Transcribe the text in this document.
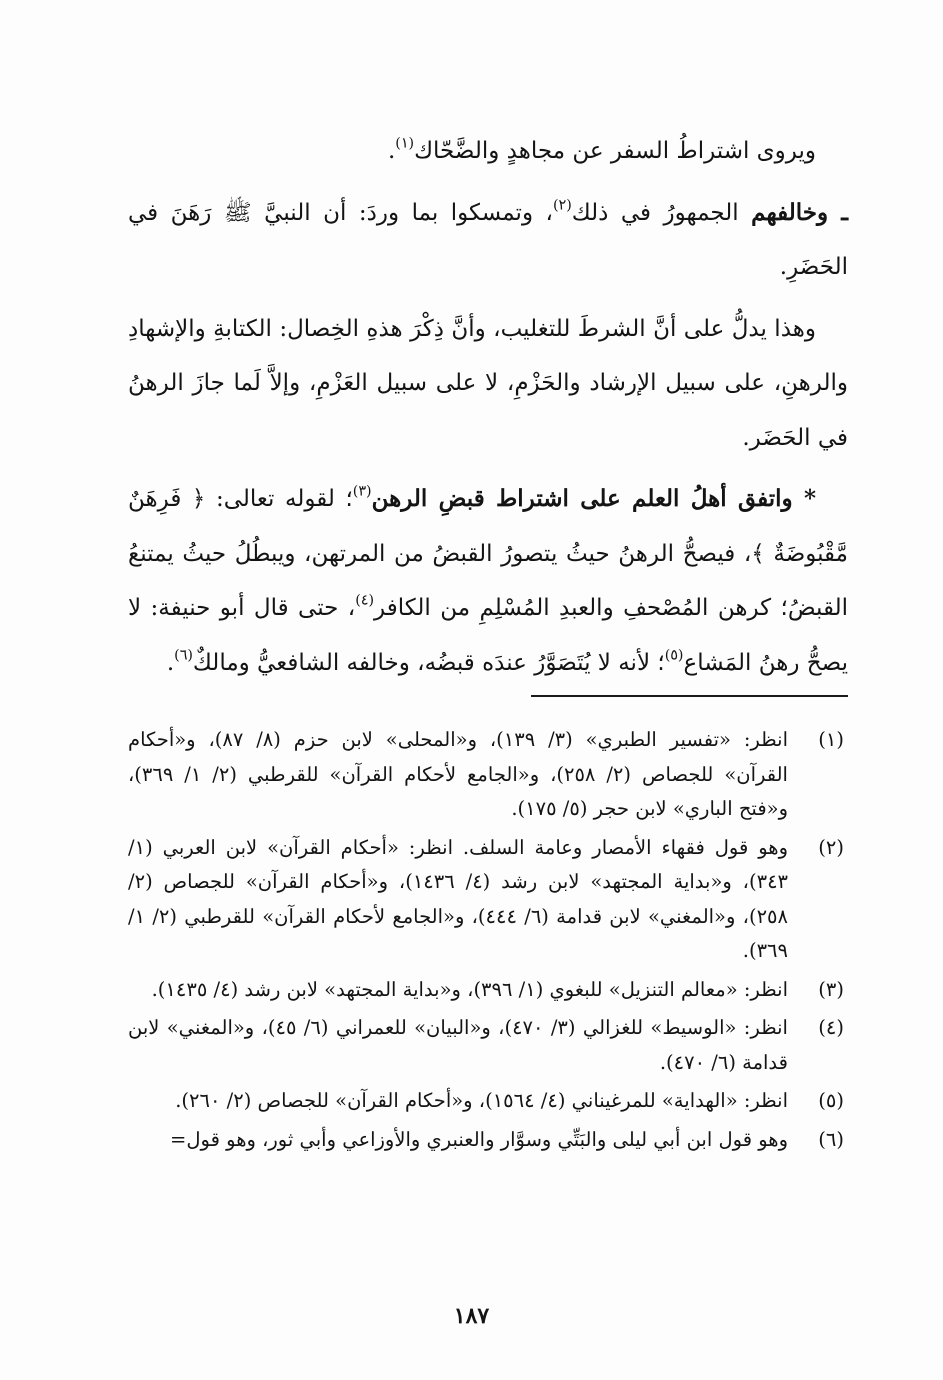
ويروى اشتراطُ السفر عن مجاهدٍ والضَّحّاك$^{(١)}$.

ـ وخالفهم الجمهورُ في ذلك$^{(٢)}$، وتمسكوا بما وردَ: أن النبيَّ ﷺ رَهَنَ في الحَضَرِ.

وهذا يدلُّ على أنَّ الشرطَ للتغليب، وأنَّ ذِكْرَ هذهِ الخِصال: الكتابةِ والإشهادِ والرهنِ، على سبيل الإرشاد والحَزْمِ، لا على سبيل العَزْمِ، وإلاَّ لَما جازَ الرهنُ في الحَضَر.

* واتفق أهلُ العلم على اشتراط قبضِ الرهن$^{(٣)}$؛ لقوله تعالى: ﴿ فَرِهَنٌ مَّقْبُوضَةٌ ﴾، فيصحُّ الرهنُ حيثُ يتصورُ القبضُ من المرتهن، ويبطُلُ حيثُ يمتنعُ القبضُ؛ كرهن المُصْحفِ والعبدِ المُسْلِمِ من الكافر$^{(٤)}$، حتى قال أبو حنيفة: لا يصحُّ رهنُ المَشاع$^{(٥)}$؛ لأنه لا يُتَصَوَّرُ عندَه قبضُه، وخالفه الشافعيُّ ومالكٌ$^{(٦)}$.

(١)
انظر: «تفسير الطبري» (٣/ ١٣٩)، و«المحلى» لابن حزم (٨/ ٨٧)، و«أحكام القرآن» للجصاص (٢/ ٢٥٨)، و«الجامع لأحكام القرآن» للقرطبي (٢/ ١/ ٣٦٩)، و«فتح الباري» لابن حجر (٥/ ١٧٥).
(٢)
وهو قول فقهاء الأمصار وعامة السلف. انظر: «أحكام القرآن» لابن العربي (١/ ٣٤٣)، و«بداية المجتهد» لابن رشد (٤/ ١٤٣٦)، و«أحكام القرآن» للجصاص (٢/ ٢٥٨)، و«المغني» لابن قدامة (٦/ ٤٤٤)، و«الجامع لأحكام القرآن» للقرطبي (٢/ ١/ ٣٦٩).
(٣)
انظر: «معالم التنزيل» للبغوي (١/ ٣٩٦)، و«بداية المجتهد» لابن رشد (٤/ ١٤٣٥).
(٤)
انظر: «الوسيط» للغزالي (٣/ ٤٧٠)، و«البيان» للعمراني (٦/ ٤٥)، و«المغني» لابن قدامة (٦/ ٤٧٠).
(٥)
انظر: «الهداية» للمرغيناني (٤/ ١٥٦٤)، و«أحكام القرآن» للجصاص (٢/ ٢٦٠).
(٦)
وهو قول ابن أبي ليلى والبَتِّي وسوَّار والعنبري والأوزاعي وأبي ثور، وهو قول=
١٨٧
